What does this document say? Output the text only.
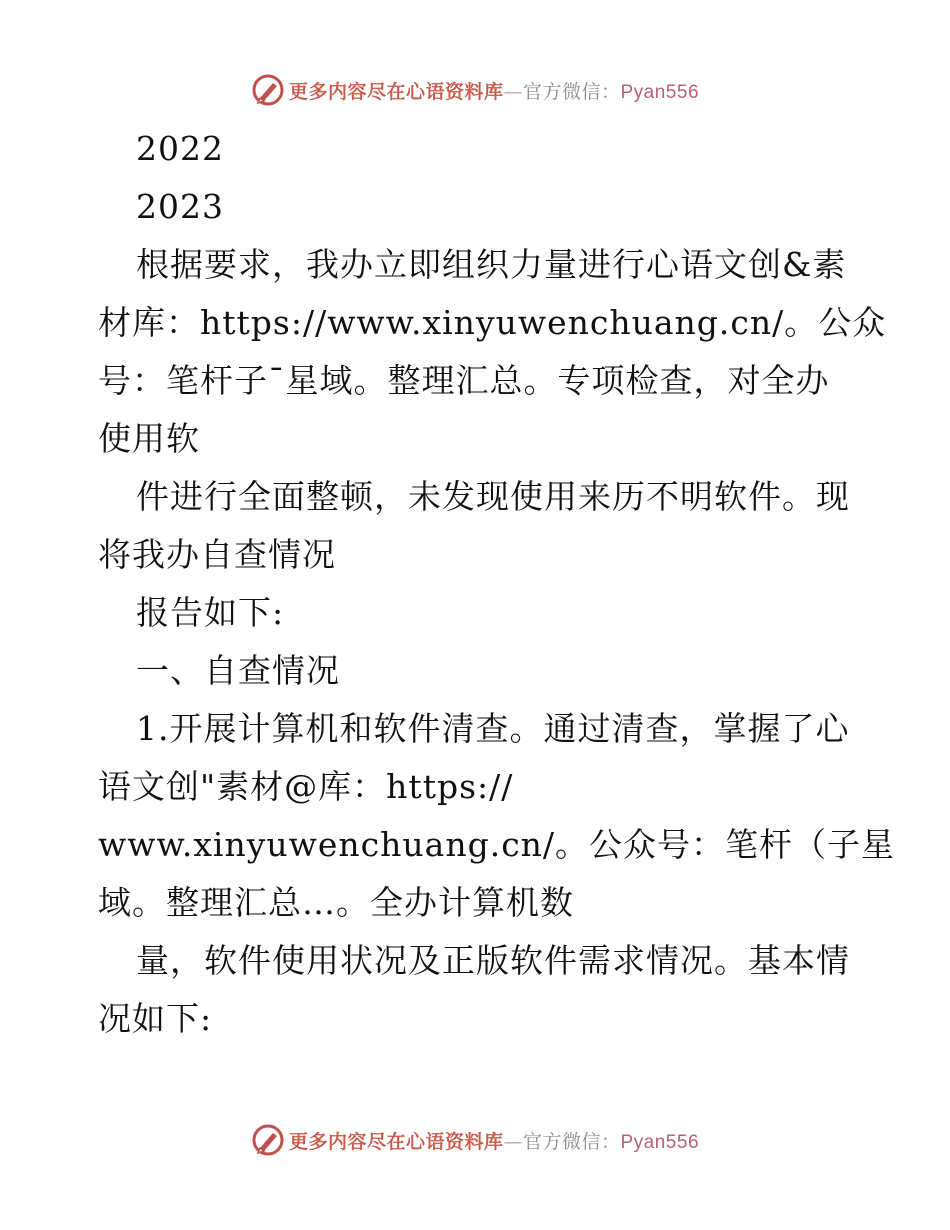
更多内容尽在心语资料库—官方微信：Pyan556
2022
2023
根据要求，我办立即组织力量进行心语文创&素
材库：https://www.xinyuwenchuang.cn/。公众
号：笔杆子¯星域。整理汇总。专项检查，对全办
使用软
件进行全面整顿，未发现使用来历不明软件。现
将我办自查情况
报告如下:
一、自查情况
1.开展计算机和软件清查。通过清查，掌握了心
语文创"素材@库：https://
www.xinyuwenchuang.cn/。公众号：笔杆（子星
域。整理汇总…。全办计算机数
量，软件使用状况及正版软件需求情况。基本情
况如下:
更多内容尽在心语资料库—官方微信：Pyan556
